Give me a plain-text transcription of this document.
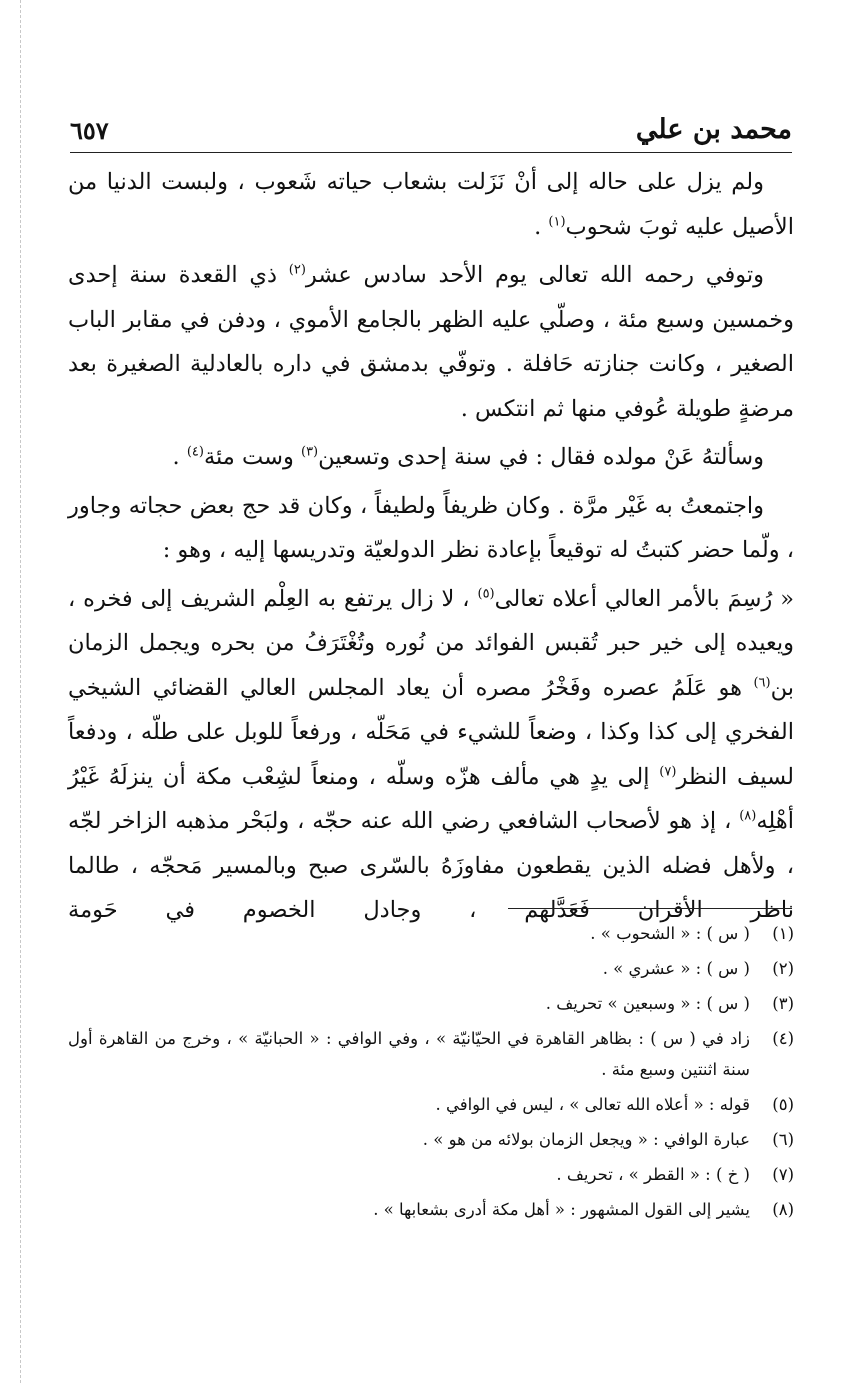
محمد بن علي
٦٥٧

ولم يزل على حاله إلى أنْ نَزَلت بشعاب حياته شَعوب ، ولبست الدنيا من الأصيل عليه ثوبَ شحوب$^{(١)}$ .

وتوفي رحمه الله تعالى يوم الأحد سادس عشر$^{(٢)}$ ذي القعدة سنة إحدى وخمسين وسبع مئة ، وصلّي عليه الظهر بالجامع الأموي ، ودفن في مقابر الباب الصغير ، وكانت جنازته حَافلة . وتوفّي بدمشق في داره بالعادلية الصغيرة بعد مرضةٍ طويلة عُوفي منها ثم انتكس .

وسألتهُ عَنْ مولده فقال : في سنة إحدى وتسعين$^{(٣)}$ وست مئة$^{(٤)}$ .

واجتمعتُ به غَيْر مرَّة . وكان ظريفاً ولطيفاً ، وكان قد حج بعض حجاته وجاور ، ولّما حضر كتبتُ له توقيعاً بإعادة نظر الدولعيّة وتدريسها إليه ، وهو :

« رُسِمَ بالأمر العالي أعلاه تعالى$^{(٥)}$ ، لا زال يرتفع به العِلْم الشريف إلى فخره ، ويعيده إلى خير حبر تُقبس الفوائد من نُوره وتُغْتَرَفُ من بحره ويجمل الزمان بن$^{(٦)}$ هو عَلَمُ عصره وفَخْرُ مصره أن يعاد المجلس العالي القضائي الشيخي الفخري إلى كذا وكذا ، وضعاً للشيء في مَحَلّه ، ورفعاً للوبل على طلّه ، ودفعاً لسيف النظر$^{(٧)}$ إلى يدٍ هي مألف هزّه وسلّه ، ومنعاً لشِعْب مكة أن ينزلَهُ غَيْرُ أهْلِه$^{(٨)}$ ، إذ هو لأصحاب الشافعي رضي الله عنه حجّه ، ولبَحْر مذهبه الزاخر لجّه ، ولأهل فضله الذين يقطعون مفاوزَهُ بالسّرى صبح وبالمسير مَحجّه ، طالما ناظر الأقران فَعَدَّلهم ، وجادل الخصوم في حَومة

(١)
( س ) : « الشحوب » .
(٢)
( س ) : « عشري » .
(٣)
( س ) : « وسبعين » تحريف .
(٤)
زاد في ( س ) : بظاهر القاهرة في الحيّانيّة » ، وفي الوافي : « الحبانيّة » ، وخرج من القاهرة أول سنة اثنتين وسبع مئة .
(٥)
قوله : « أعلاه الله تعالى » ، ليس في الوافي .
(٦)
عبارة الوافي : « ويجعل الزمان بولائه من هو » .
(٧)
( خ ) : « القطر » ، تحريف .
(٨)
يشير إلى القول المشهور : « أهل مكة أدرى بشعابها » .
